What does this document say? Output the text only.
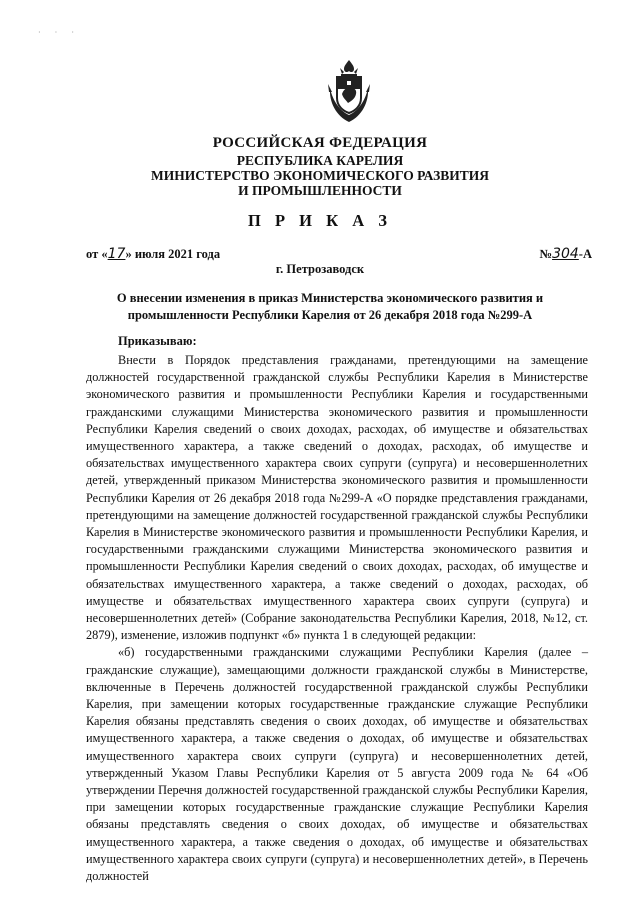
· · ·
РОССИЙСКАЯ ФЕДЕРАЦИЯ
РЕСПУБЛИКА КАРЕЛИЯ
МИНИСТЕРСТВО ЭКОНОМИЧЕСКОГО РАЗВИТИЯ
И ПРОМЫШЛЕННОСТИ
П Р И К А З
от «17» июля 2021 года	№304-А
г. Петрозаводск
О внесении изменения в приказ Министерства экономического развития и промышленности Республики Карелия от 26 декабря 2018 года №299-А
Приказываю:

Внести в Порядок представления гражданами, претендующими на замещение должностей государственной гражданской службы Республики Карелия в Министерстве экономического развития и промышленности Республики Карелия и государственными гражданскими служащими Министерства экономического развития и промышленности Республики Карелия сведений о своих доходах, расходах, об имуществе и обязательствах имущественного характера, а также сведений о доходах, расходах, об имуществе и обязательствах имущественного характера своих супруги (супруга) и несовершеннолетних детей, утвержденный приказом Министерства экономического развития и промышленности Республики Карелия от 26 декабря 2018 года №299-А «О порядке представления гражданами, претендующими на замещение должностей государственной гражданской службы Республики Карелия в Министерстве экономического развития и промышленности Республики Карелия, и государственными гражданскими служащими Министерства экономического развития и промышленности Республики Карелия сведений о своих доходах, расходах, об имуществе и обязательствах имущественного характера, а также сведений о доходах, расходах, об имуществе и обязательствах имущественного характера своих супруги (супруга) и несовершеннолетних детей» (Собрание законодательства Республики Карелия, 2018, №12, ст. 2879), изменение, изложив подпункт «б» пункта 1 в следующей редакции:

«б) государственными гражданскими служащими Республики Карелия (далее – гражданские служащие), замещающими должности гражданской службы в Министерстве, включенные в Перечень должностей государственной гражданской службы Республики Карелия, при замещении которых государственные гражданские служащие Республики Карелия обязаны представлять сведения о своих доходах, об имуществе и обязательствах имущественного характера, а также сведения о доходах, об имуществе и обязательствах имущественного характера своих супруги (супруга) и несовершеннолетних детей, утвержденный Указом Главы Республики Карелия от 5 августа 2009 года № 64 «Об утверждении Перечня должностей государственной гражданской службы Республики Карелия, при замещении которых государственные гражданские служащие Республики Карелия обязаны представлять сведения о своих доходах, об имуществе и обязательствах имущественного характера, а также сведения о доходах, об имуществе и обязательствах имущественного характера своих супруги (супруга) и несовершеннолетних детей», в Перечень должностей
